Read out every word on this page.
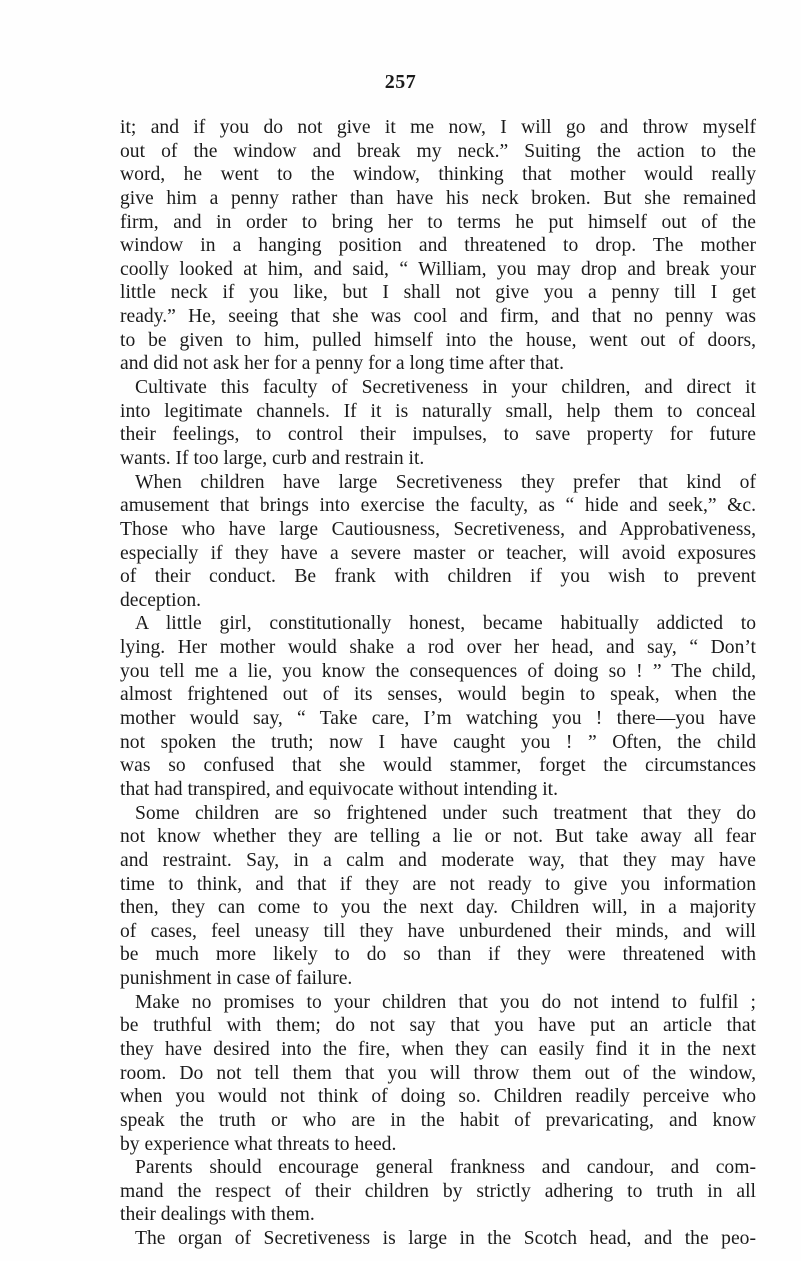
257
it; and if you do not give it me now, I will go and throw myself
out of the window and break my neck.” Suiting the action to the
word, he went to the window, thinking that mother would really
give him a penny rather than have his neck broken. But she remained
firm, and in order to bring her to terms he put himself out of the
window in a hanging position and threatened to drop. The mother
coolly looked at him, and said, “ William, you may drop and break your
little neck if you like, but I shall not give you a penny till I get
ready.” He, seeing that she was cool and firm, and that no penny was
to be given to him, pulled himself into the house, went out of doors,
and did not ask her for a penny for a long time after that.
Cultivate this faculty of Secretiveness in your children, and direct it
into legitimate channels. If it is naturally small, help them to conceal
their feelings, to control their impulses, to save property for future
wants. If too large, curb and restrain it.
When children have large Secretiveness they prefer that kind of
amusement that brings into exercise the faculty, as “ hide and seek,” &c.
Those who have large Cautiousness, Secretiveness, and Approbativeness,
especially if they have a severe master or teacher, will avoid exposures
of their conduct. Be frank with children if you wish to prevent
deception.
A little girl, constitutionally honest, became habitually addicted to
lying. Her mother would shake a rod over her head, and say, “ Don’t
you tell me a lie, you know the consequences of doing so ! ” The child,
almost frightened out of its senses, would begin to speak, when the
mother would say, “ Take care, I’m watching you ! there—you have
not spoken the truth; now I have caught you ! ” Often, the child
was so confused that she would stammer, forget the circumstances
that had transpired, and equivocate without intending it.
Some children are so frightened under such treatment that they do
not know whether they are telling a lie or not. But take away all fear
and restraint. Say, in a calm and moderate way, that they may have
time to think, and that if they are not ready to give you information
then, they can come to you the next day. Children will, in a majority
of cases, feel uneasy till they have unburdened their minds, and will
be much more likely to do so than if they were threatened with
punishment in case of failure.
Make no promises to your children that you do not intend to fulfil ;
be truthful with them; do not say that you have put an article that
they have desired into the fire, when they can easily find it in the next
room. Do not tell them that you will throw them out of the window,
when you would not think of doing so. Children readily perceive who
speak the truth or who are in the habit of prevaricating, and know
by experience what threats to heed.
Parents should encourage general frankness and candour, and com-
mand the respect of their children by strictly adhering to truth in all
their dealings with them.
The organ of Secretiveness is large in the Scotch head, and the peo-
